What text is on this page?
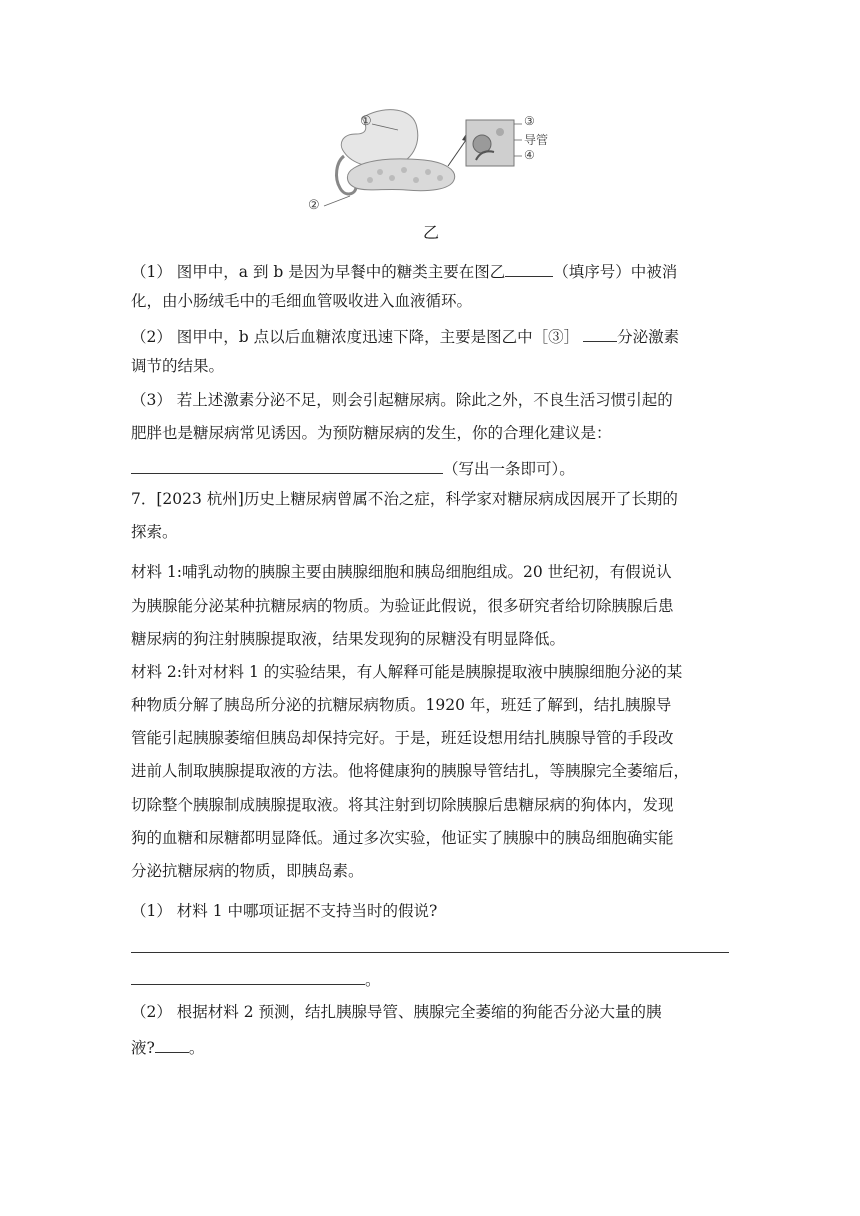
①
②
③
导管
④
乙
（1） 图甲中，a 到 b 是因为早餐中的糖类主要在图乙	（填序号）中被消
化，由小肠绒毛中的毛细血管吸收进入血液循环。
（2） 图甲中，b 点以后血糖浓度迅速下降，主要是图乙中［③］ 分泌激素
调节的结果。
（3） 若上述激素分泌不足，则会引起糖尿病。除此之外，不良生活习惯引起的
肥胖也是糖尿病常见诱因。为预防糖尿病的发生，你的合理化建议是：
（写出一条即可）。
7．[2023 杭州]历史上糖尿病曾属不治之症，科学家对糖尿病成因展开了长期的
探索。
材料 1:哺乳动物的胰腺主要由胰腺细胞和胰岛细胞组成。20 世纪初，有假说认
为胰腺能分泌某种抗糖尿病的物质。为验证此假说，很多研究者给切除胰腺后患
糖尿病的狗注射胰腺提取液，结果发现狗的尿糖没有明显降低。
材料 2:针对材料 1 的实验结果，有人解释可能是胰腺提取液中胰腺细胞分泌的某
种物质分解了胰岛所分泌的抗糖尿病物质。1920 年，班廷了解到，结扎胰腺导
管能引起胰腺萎缩但胰岛却保持完好。于是，班廷设想用结扎胰腺导管的手段改
进前人制取胰腺提取液的方法。他将健康狗的胰腺导管结扎，等胰腺完全萎缩后，
切除整个胰腺制成胰腺提取液。将其注射到切除胰腺后患糖尿病的狗体内，发现
狗的血糖和尿糖都明显降低。通过多次实验，他证实了胰腺中的胰岛细胞确实能
分泌抗糖尿病的物质，即胰岛素。
（1） 材料 1 中哪项证据不支持当时的假说?
。
（2） 根据材料 2 预测，结扎胰腺导管、胰腺完全萎缩的狗能否分泌大量的胰
液? 。
